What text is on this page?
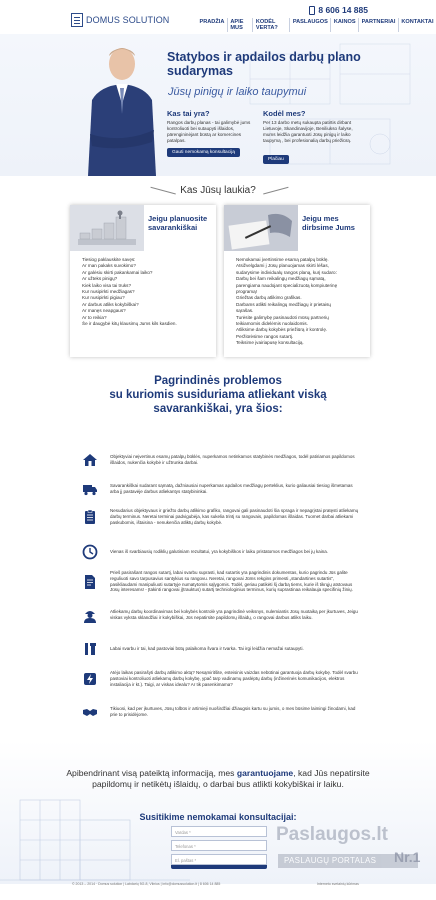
DOMUS SOLUTION
8 606 14 885
PRADŽIA	APIE MUS
KODĖL VERTA?
PASLAUGOS	KAINOS	PARTNERIAI	KONTAKTAI
Statybos ir apdailos darbų plano sudarymas
Jūsų pinigų ir laiko taupymui
Kas tai yra?
Rangos darbų planas - tai galimybė jums kontroliuoti bei sutaupyti išlaidos, pärengininėjant būstą ar komercines patalpas.
Gauti nemokamą konsultaciją
Kodėl mes?
Per 13 darbo metų sukaupta patirtis dirbant Lietuvoje, Skandinavijoje, Beniliukso šalyse, mums leidžia garantuoti Jūsų pinigų ir laiko taupymą , bei profesionalią darbų priežiūrą.
Plačiau
Kas Jūsų laukia?
Jeigu planuosite savarankiškai
Tiesiog paklauskite savęs:
Ar man pakaks suvokimo?
Ar galėsiu skirti pakankamai laiko?
Ar užteks pinigų?
Kiek laiko visa tai truks?
Kur nusipirkti medžiagas?
Kur nusipirkti pigiau?
Ar darbus atliks kokybiškai?
Ar manęs neapgaus?
Ar to reikia?
Še ir daugybė kitų klausimų Jums kils kasdien.
Jeigu mes dirbsime Jums
Nemokamai įvertinsime esamą patalpų būklę.
Atsižvelgdami į Jūsų planuojamas skirti lėšas,
sudarysime individualų rangos planą, kurį sudaro:
Darbų bei šam reikalingų medžiagų sąmatą,
parengiama naudojant specializuotą kompiuterinę
programą!
Griežtas darbų atlikimo grafikas.
Darbams atlikti reikalingų medžiagų ir prietaisų
sąrašas.
Turėsite galimybę pasinaudoti mūsų partnerių
teikiamomis didelėmis nuolaidomis.
Atliksime darbų kokybės priežiūrą ir kontrolę.
Peržiūrėsime rangos sutartį.
Teiksime įvairiapusę konsultaciją.
Pagrindinės problemos
su kuriomis susiduriama atliekant viską
savarankiškai, yra šios:
Objektyviai neįvertinus esamų patalpų būklės, nuperkamos netinkamos statybinės medžiagos, todėl patiriamos papildomos išlaidos, nukenčia kokybė ir užtrunka darbai.
Savarankiškai sudarant sąmatą, dažniausiai nuperkamas apdailos medžiagų perteklius, kurio galiausiai tiesiog išmetamas arba jį pastavėje darbus atliekantys statybininkai.
Nesudarius objektyvaus ir griežto darbų atlikimo grafiko, rangovai gali pasinaudoti šia spraga ir nepagrįstai pratęsti atliekamų darbų terminus. Neretai terminai padvigubėja, kas sukelia trintį su rangovais, papildomas išlaidas. Tuomet darbai atliekami paskubomis, ištaisina - nenukenčia atliktų darbų kokybė.
Vienas iš svarbiausių rodiklių galutiniam rezultatui, yra kokybiškos ir laiku pristatomos medžiagos bei jų kaina.
Prieš pasirašant rangos sutartį, labai svarbu suprasti, kad sutartis yra pagrindinis dokumentas, kurio pagrindu Jūs galite reguliuoti savo tarpusavius santykius su rangovu. Neretai, rangovai Jūms rekgins primesti „standartines sutartis", pasikliaudami manipuliuoti sutartyje numatytomis sąlygomis. Todėl, geriau patikėti šį darbą tiems, kurie iš tikrųjų atstovaus Jūsų interesams! - Įtakinti rangovai į(trauktus) sutartį techniologinius terminus, kurių suprastinaa reikalauja specifinių žinių.
Atliekamų darbų koordinavimas bei kokybės kontrolė yra pagrindinė veiksnys, nulemiantis Jūsų nuotaiką per įkurtuves, Jeigu viskas vyksta sklandžiai ir kokybiškai, Jūs nepatirsite papildomų išlaidų, o rangovai darbus atliks laiku.
Labai svarbu ir tai, kad pastoviai būtų palaikoma švara ir tvarka. Tai irgi leidžia nemažai sutaupyti.
Atėjo laikas pasirašyti darbų atlikimo aktą? Nesąmiritšite, esteisinis vaizdas nebūtinai garantuoja darbų kokybę. Todėl svarbu pastoviai kontroliuoti atliekamų darbų kokybę, ypač tarp vadinamų paslėptų darbų (inžinerinės komunikacijos, elektros instaliacija ir kt.). Taigi, ar viskas idealu? Ar tik pasenkimama?
Tikiuosi, kad per įkurtuves, Jūsų tolbūs ir artimieji nuoširdžiai džiaugsis kartu su jumis, o mes būsime laimingi žinodami, kad prie to prisidėjome.
Apibendrinant visą pateiktą informaciją, mes garantuojame, kad Jūs nepatirsite papildomų ir netikėtų išlaidų, o darbai bus atlikti kokybiškai ir laiku.
Susitikime nemokamai konsultacijai:
Vardas *
Vardas *
Telefonas *
Paslaugos.lt
PASLAUGŲ PORTALAS	Nr.1
© 2013 – 2014 · Domus solution | Labdarių 5G-8, Vilnius | info@domussolution.lt | 8 606 14 885	Internetо svetainių kūrimas
El. paštas *
